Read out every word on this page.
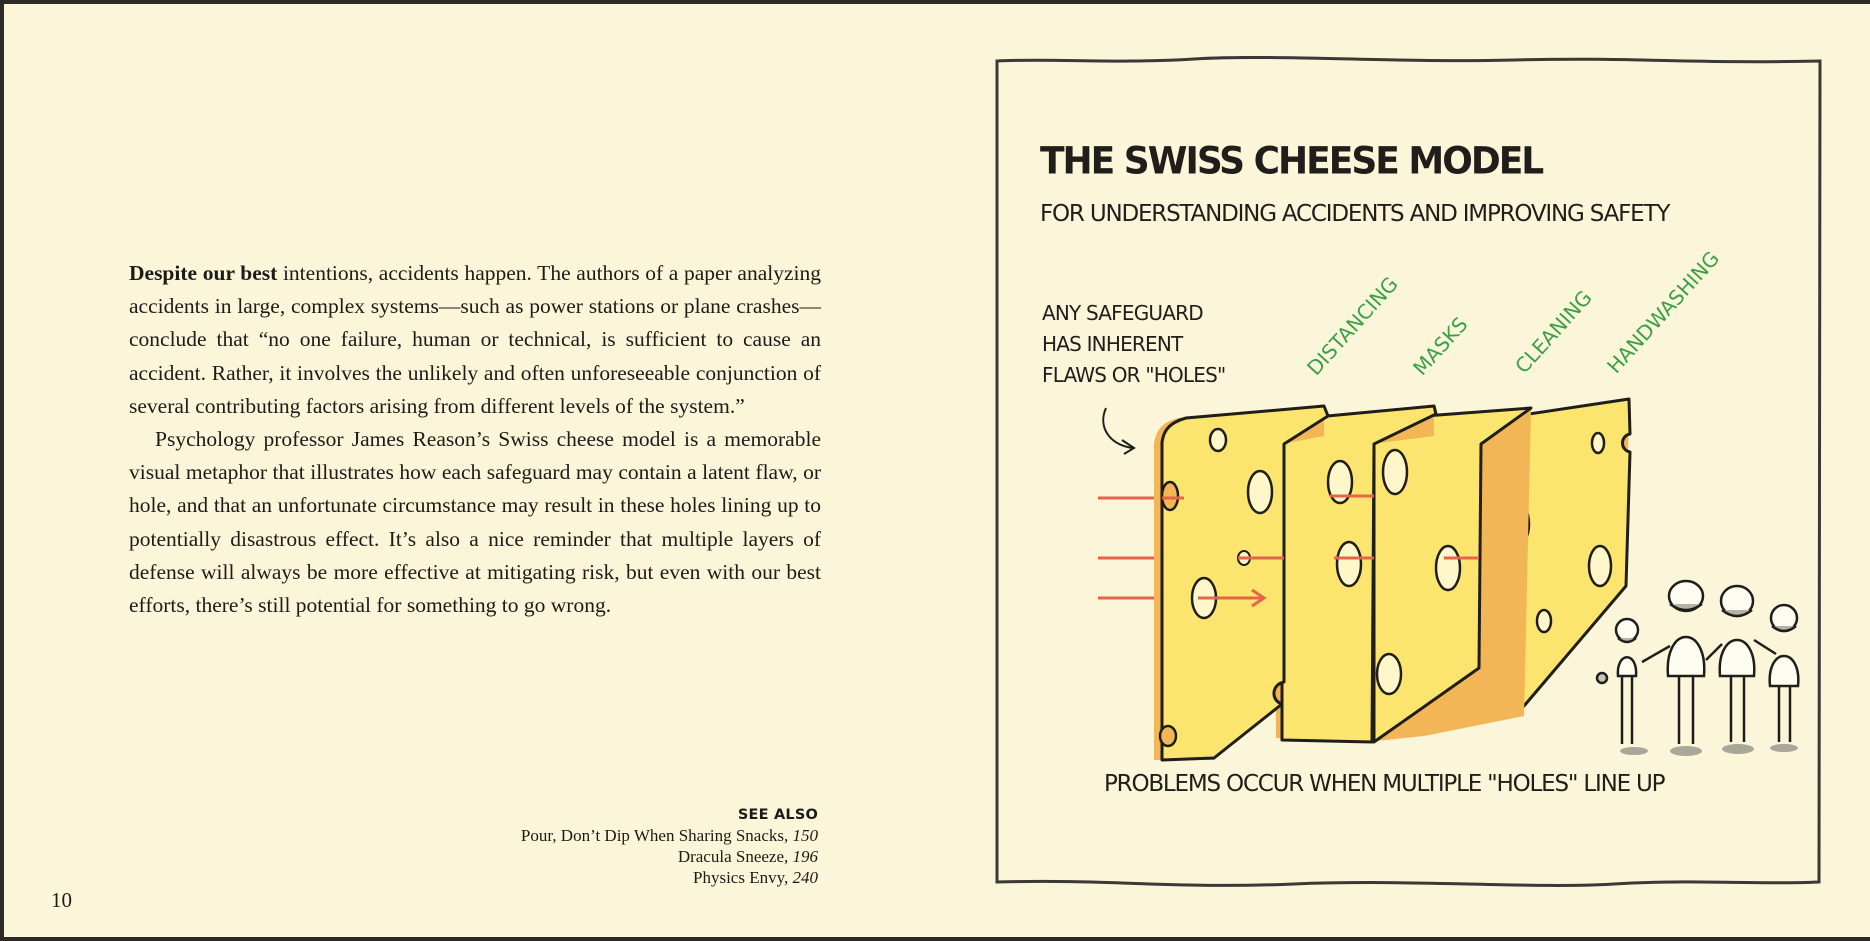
Despite our best intentions, accidents happen. The authors of a paper analyzing accidents in large, complex systems—such as power stations or plane crashes—conclude that “no one failure, human or technical, is sufficient to cause an accident. Rather, it involves the unlikely and often unforeseeable conjunction of several contributing factors arising from different levels of the system.”

Psychology professor James Reason’s Swiss cheese model is a memorable visual metaphor that illustrates how each safeguard may contain a latent flaw, or hole, and that an unfortunate circumstance may result in these holes lining up to potentially disastrous effect. It’s also a nice reminder that multiple layers of defense will always be more effective at mitigating risk, but even with our best efforts, there’s still potential for something to go wrong.

SEE ALSO
Pour, Don’t Dip When Sharing Snacks, 150
Dracula Sneeze, 196
Physics Envy, 240
10
THE SWISS CHEESE MODEL
FOR UNDERSTANDING ACCIDENTS AND IMPROVING SAFETY
ANY SAFEGUARD
HAS INHERENT
FLAWS OR "HOLES"	DISTANCING MASKS CLEANING HANDWASHING
PROBLEMS OCCUR WHEN MULTIPLE "HOLES" LINE UP
